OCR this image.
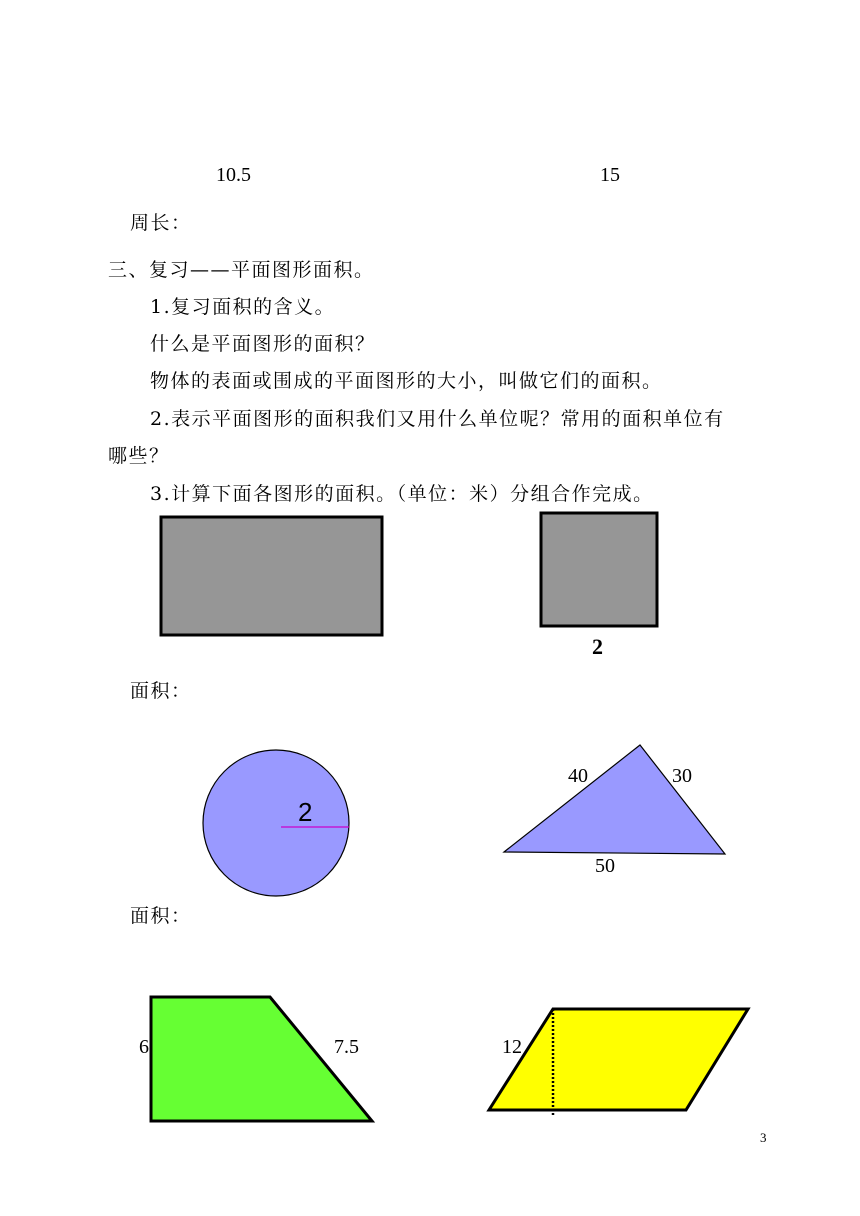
10.5	15
周长：
三、复习——平面图形面积。
1.复习面积的含义。
什么是平面图形的面积？
物体的表面或围成的平面图形的大小，叫做它们的面积。
2.表示平面图形的面积我们又用什么单位呢？常用的面积单位有
哪些？
3.计算下面各图形的面积。（单位：米）分组合作完成。
2
面积：
2
40	30
50
面积：
6	7.5	12
3
